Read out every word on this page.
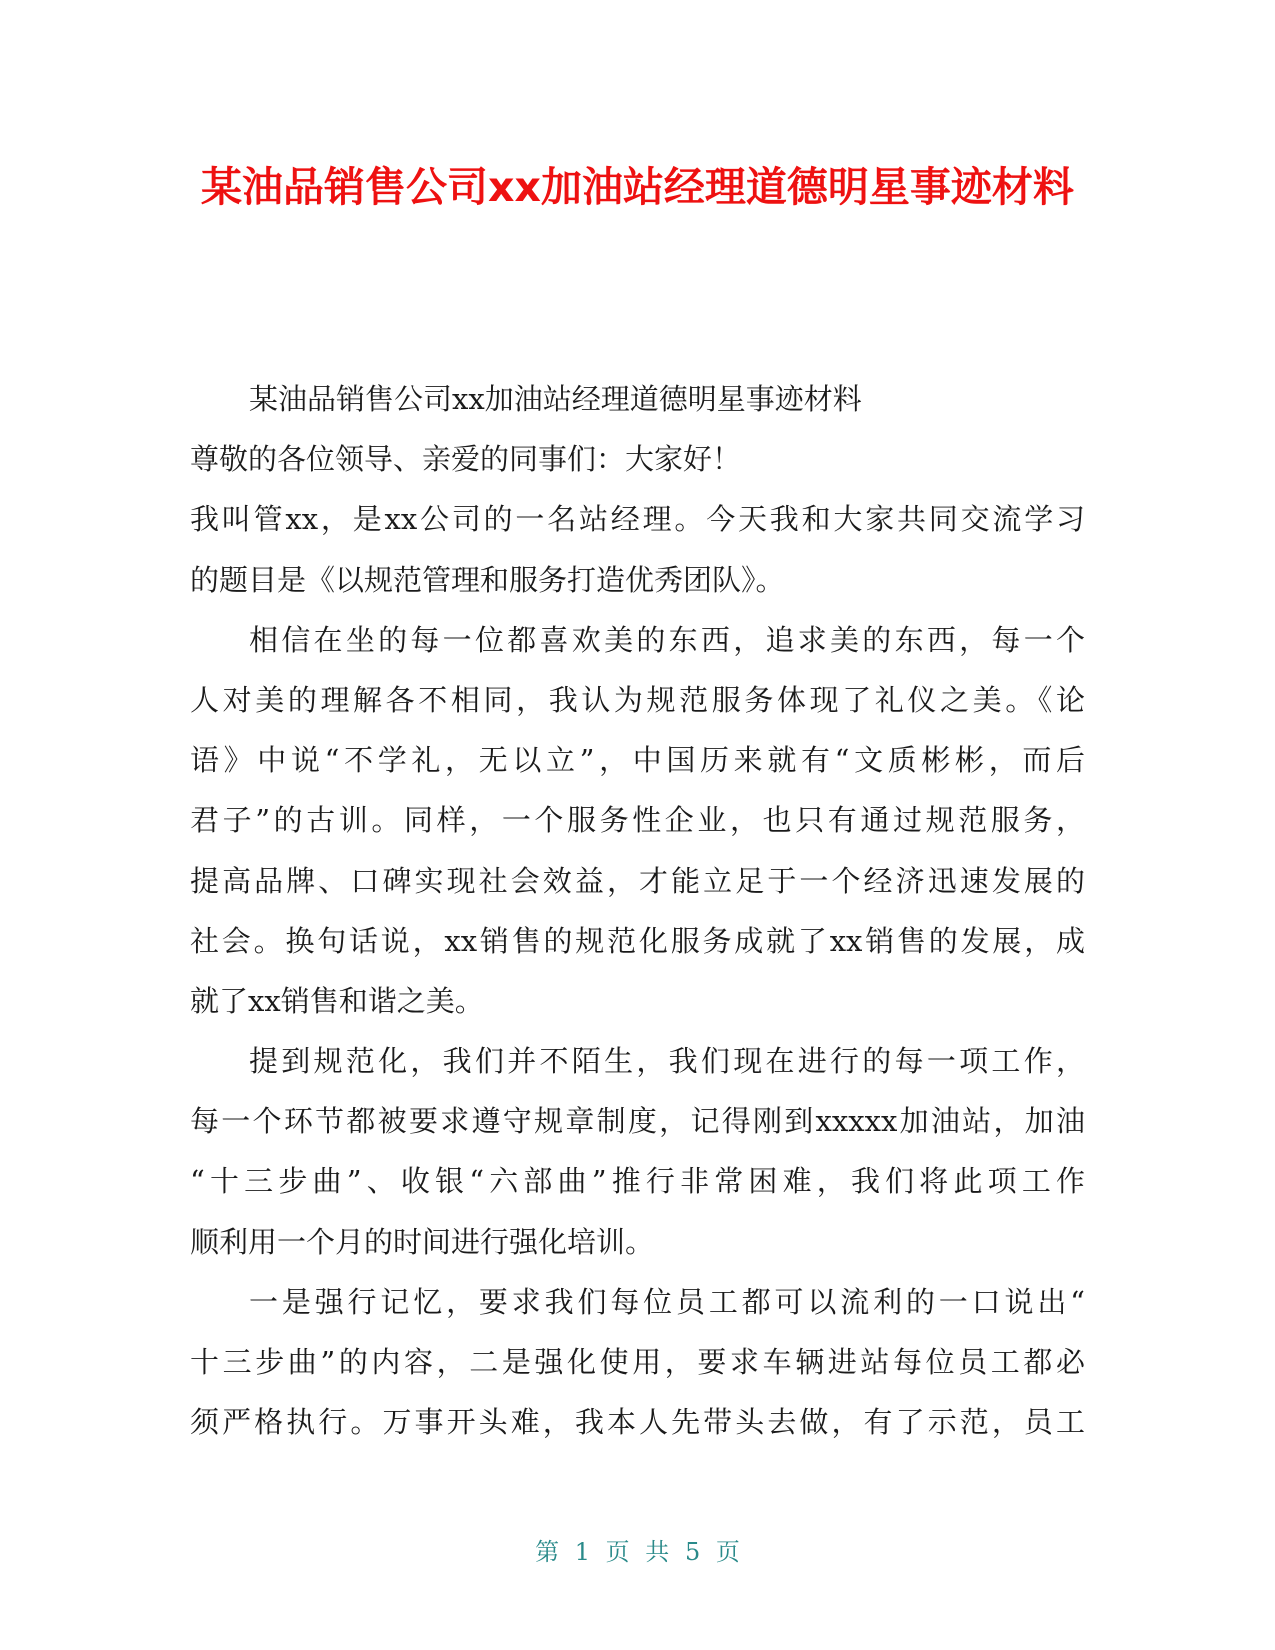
某油品销售公司xx加油站经理道德明星事迹材料

某油品销售公司xx加油站经理道德明星事迹材料

尊敬的各位领导、亲爱的同事们：大家好！

我叫管xx，是xx公司的一名站经理。今天我和大家共同交流学习

的题目是《以规范管理和服务打造优秀团队》。

相信在坐的每一位都喜欢美的东西，追求美的东西，每一个

人对美的理解各不相同，我认为规范服务体现了礼仪之美。《论

语》中说“不学礼，无以立”，中国历来就有“文质彬彬，而后

君子”的古训。同样，一个服务性企业，也只有通过规范服务，

提高品牌、口碑实现社会效益，才能立足于一个经济迅速发展的

社会。换句话说，xx销售的规范化服务成就了xx销售的发展，成

就了xx销售和谐之美。

提到规范化，我们并不陌生，我们现在进行的每一项工作，

每一个环节都被要求遵守规章制度，记得刚到xxxxx加油站，加油

“十三步曲”、收银“六部曲”推行非常困难，我们将此项工作

顺利用一个月的时间进行强化培训。

一是强行记忆，要求我们每位员工都可以流利的一口说出“

十三步曲”的内容，二是强化使用，要求车辆进站每位员工都必

须严格执行。万事开头难，我本人先带头去做，有了示范，员工

第 1 页 共 5 页
